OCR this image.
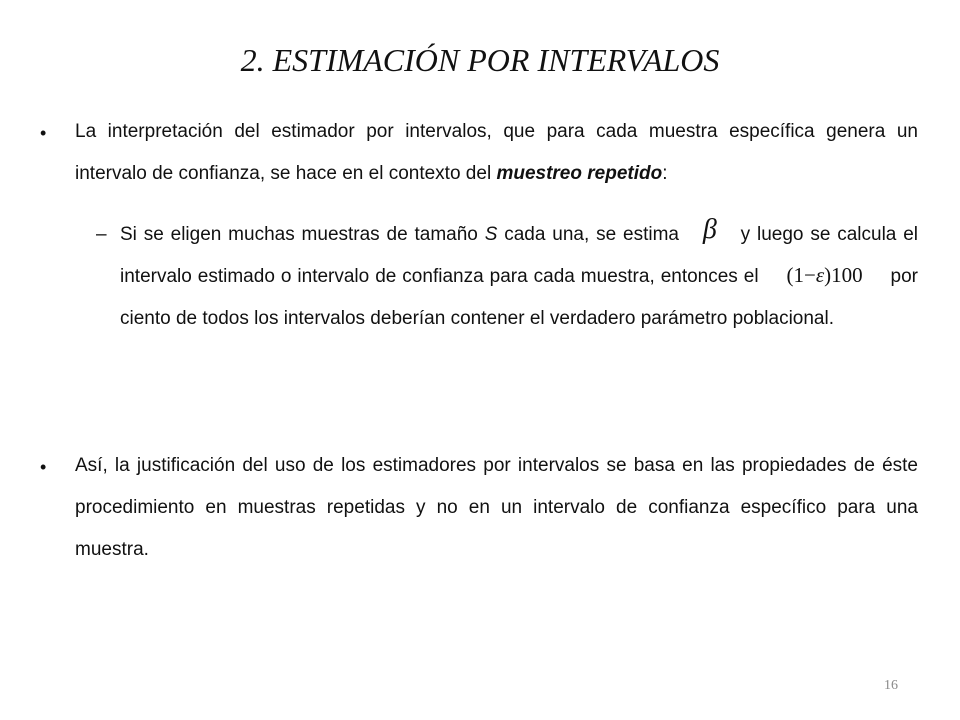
2. ESTIMACIÓN POR INTERVALOS
• La interpretación del estimador por intervalos, que para cada muestra específica genera un intervalo de confianza, se hace en el contexto del muestreo repetido:

– Si se eligen muchas muestras de tamaño S cada una, se estima β y luego se calcula el intervalo estimado o intervalo de confianza para cada muestra, entonces el (1−ε)100 por ciento de todos los intervalos deberían contener el verdadero parámetro poblacional.

• Así, la justificación del uso de los estimadores por intervalos se basa en las propiedades de éste procedimiento en muestras repetidas y no en un intervalo de confianza específico para una muestra.

16
